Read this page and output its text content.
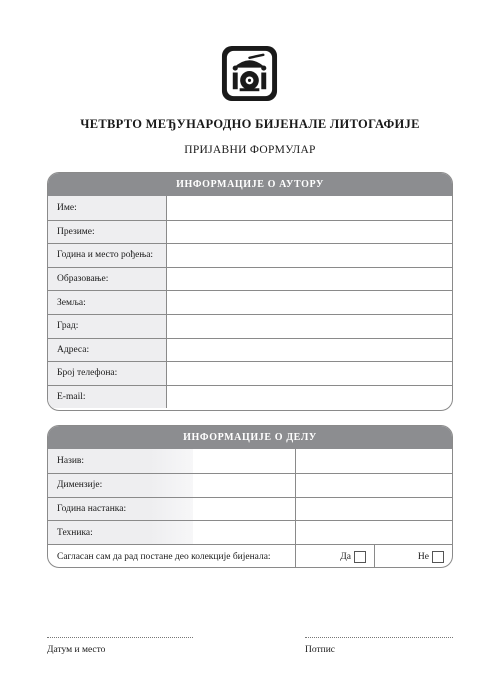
ЧЕТВРТО МЕЂУНАРОДНО БИЈЕНАЛЕ ЛИТОГАФИЈЕ
ПРИЈАВНИ ФОРМУЛАР
ИНФОРМАЦИЈЕ О АУТОРУ
Име:
Презиме:
Година и место рођења:
Образовање:
Земља:
Град:
Адреса:
Број телефона:
E-mail:
ИНФОРМАЦИЈЕ О ДЕЛУ
Назив:
Димензије:
Година настанка:
Техника:
Сагласан сам да рад постане део колекције бијенала:	Да	Не
Датум и место	Потпис
